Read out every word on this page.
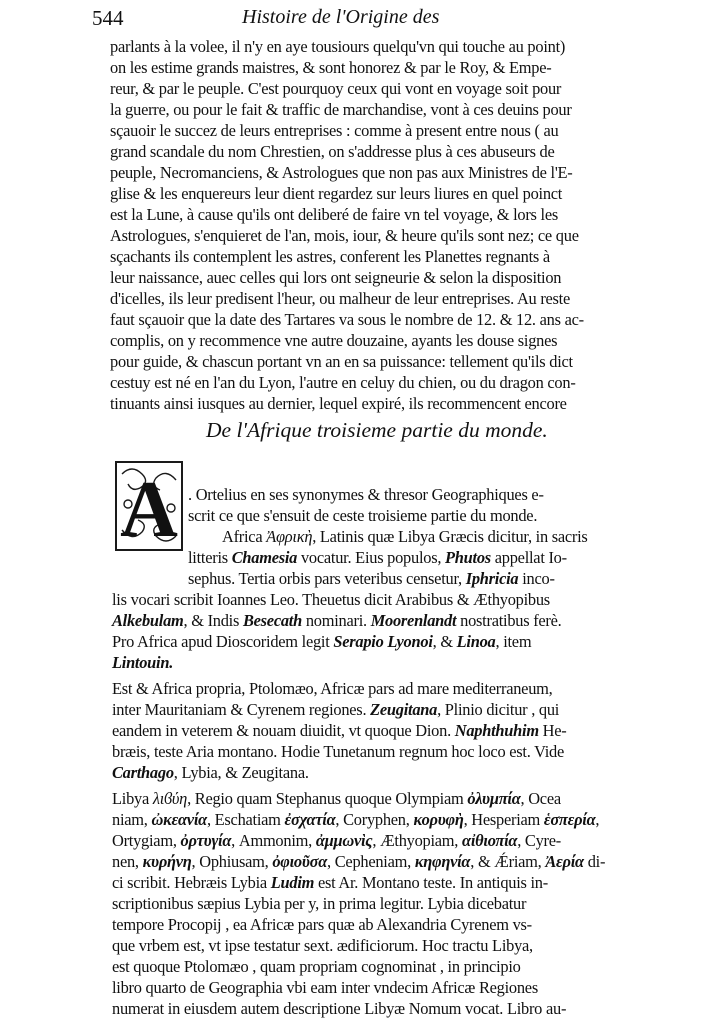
544	Histoire de l'Origine des

parlants à la volee, il n'y en aye tousiours quelqu'vn qui touche au point)

on les estime grands maistres, & sont honorez & par le Roy, & Empe-

reur, & par le peuple. C'est pourquoy ceux qui vont en voyage soit pour

la guerre, ou pour le fait & traffic de marchandise, vont à ces deuins pour

sçauoir le succez de leurs entreprises : comme à present entre nous ( au

grand scandale du nom Chrestien, on s'addresse plus à ces abuseurs de

peuple, Necromanciens, & Astrologues que non pas aux Ministres de l'E-

glise & les enquereurs leur dient regardez sur leurs liures en quel poinct

est la Lune, à cause qu'ils ont deliberé de faire vn tel voyage, & lors les

Astrologues, s'enquieret de l'an, mois, iour, & heure qu'ils sont nez; ce que

sçachants ils contemplent les astres, conferent les Planettes regnants à

leur naissance, auec celles qui lors ont seigneurie & selon la disposition

d'icelles, ils leur predisent l'heur, ou malheur de leur entreprises. Au reste

faut sçauoir que la date des Tartares va sous le nombre de 12. & 12. ans ac-

complis, on y recommence vne autre douzaine, ayants les douse signes

pour guide, & chascun portant vn an en sa puissance: tellement qu'ils dict

cestuy est né en l'an du Lyon, l'autre en celuy du chien, ou du dragon con-

tinuants ainsi iusques au dernier, lequel expiré, ils recommencent encore

De l'Afrique troisieme partie du monde.
A . Ortelius en ses synonymes & thresor Geographiques e-

scrit ce que s'ensuit de ceste troisieme partie du monde.

Africa Ἀφρικὴ, Latinis quæ Libya Græcis dicitur, in sacris

litteris Chamesia vocatur. Eius populos, Phutos appellat Io-

sephus. Tertia orbis pars veteribus censetur, Iphricia inco-

lis vocari scribit Ioannes Leo. Theuetus dicit Arabibus & Æthyopibus

Alkebulam, & Indis Besecath nominari. Moorenlandt nostratibus ferè.

Pro Africa apud Dioscoridem legit Serapio Lyonoi, & Linoa, item

Lintouin.

Est & Africa propria, Ptolomæo, Africæ pars ad mare mediterraneum,

inter Mauritaniam & Cyrenem regiones. Zeugitana, Plinio dicitur , qui

eandem in veterem & nouam diuidit, vt quoque Dion. Naphthuhim He-

bræis, teste Aria montano. Hodie Tunetanum regnum hoc loco est. Vide

Carthago, Lybia, & Zeugitana.

Libya λιϐύη, Regio quam Stephanus quoque Olympiam ὀλυμπία, Ocea

niam, ὠκεανία, Eschatiam ἐσχατία, Coryphen, κορυφὴ, Hesperiam ἑσπερία,

Ortygiam, ὀρτυγία, Ammonim, ἀμμωνὶς, Æthyopiam, αἰθιοπία, Cyre-

nen, κυρήνη, Ophiusam, ὀφιοῦσα, Cepheniam, κηφηνία, & Ǽriam, Ἀερία di-

ci scribit. Hebræis Lybia Ludim est Ar. Montano teste. In antiquis in-

scriptionibus sæpius Lybia per y, in prima legitur. Lybia dicebatur

tempore Procopij , ea Africæ pars quæ ab Alexandria Cyrenem vs-

que vrbem est, vt ipse testatur sext. ædificiorum. Hoc tractu Libya,

est quoque Ptolomæo , quam propriam cognominat , in principio

libro quarto de Geographia vbi eam inter vndecim Africæ Regiones

numerat in eiusdem autem descriptione Libyæ Nomum vocat. Libro au-
